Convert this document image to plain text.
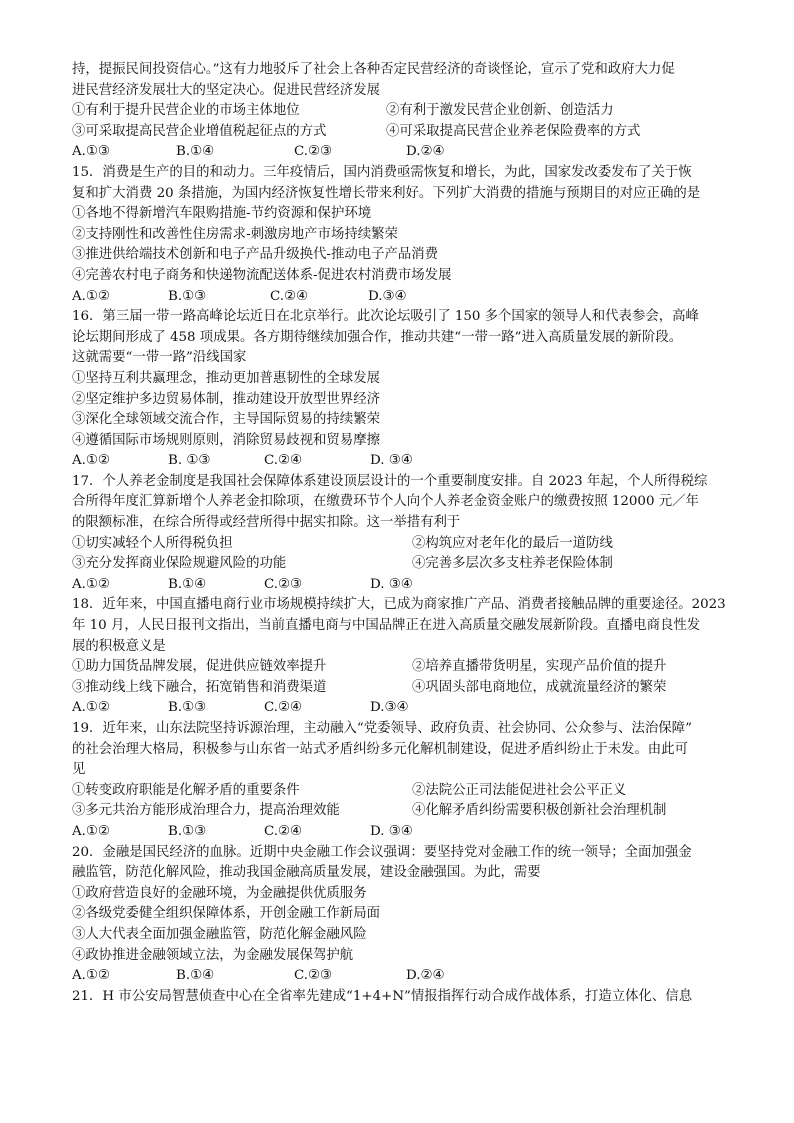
持，提振民间投资信心。”这有力地驳斥了社会上各种否定民营经济的奇谈怪论，宣示了党和政府大力促
进民营经济发展壮大的坚定决心。促进民营经济发展
①有利于提升民营企业的市场主体地位	②有利于激发民营企业创新、创造活力
③可采取提高民营企业增值税起征点的方式	④可采取提高民营企业养老保险费率的方式
A.①③	B.①④	C.②③	D.②④
15．消费是生产的目的和动力。三年疫情后，国内消费亟需恢复和增长，为此，国家发改委发布了关于恢
复和扩大消费 20 条措施，为国内经济恢复性增长带来利好。下列扩大消费的措施与预期目的对应正确的是
①各地不得新增汽车限购措施-节约资源和保护环境
②支持刚性和改善性住房需求-刺激房地产市场持续繁荣
③推进供给端技术创新和电子产品升级换代-推动电子产品消费
④完善农村电子商务和快递物流配送体系-促进农村消费市场发展
A.①②	B.①③	C.②④	D.③④
16．第三届一带一路高峰论坛近日在北京举行。此次论坛吸引了 150 多个国家的领导人和代表参会，高峰
论坛期间形成了 458 项成果。各方期待继续加强合作，推动共建“一带一路”进入高质量发展的新阶段。
这就需要“一带一路”沿线国家
①坚持互利共赢理念，推动更加普惠韧性的全球发展
②坚定维护多边贸易体制，推动建设开放型世界经济
③深化全球领域交流合作，主导国际贸易的持续繁荣
④遵循国际市场规则原则，消除贸易歧视和贸易摩擦
A.①②	B. ①③	C.②④	D. ③④
17．个人养老金制度是我国社会保障体系建设顶层设计的一个重要制度安排。自 2023 年起，个人所得税综
合所得年度汇算新增个人养老金扣除项，在缴费环节个人向个人养老金资金账户的缴费按照 12000 元／年
的限额标准，在综合所得或经营所得中据实扣除。这一举措有利于
①切实减轻个人所得税负担	②构筑应对老年化的最后一道防线
③充分发挥商业保险规避风险的功能	④完善多层次多支柱养老保险体制
A.①②	B.①④	C.②③	D. ③④
18．近年来，中国直播电商行业市场规模持续扩大，已成为商家推广产品、消费者接触品牌的重要途径。2023
年 10 月，人民日报刊文指出，当前直播电商与中国品牌正在进入高质量交融发展新阶段。直播电商良性发
展的积极意义是
①助力国货品牌发展，促进供应链效率提升	②培养直播带货明星，实现产品价值的提升
③推动线上线下融合，拓宽销售和消费渠道	④巩固头部电商地位，成就流量经济的繁荣
A.①②	B.①③	C.②④	D.③④
19．近年来，山东法院坚持诉源治理，主动融入“党委领导、政府负责、社会协同、公众参与、法治保障”
的社会治理大格局，积极参与山东省一站式矛盾纠纷多元化解机制建设，促进矛盾纠纷止于未发。由此可
见
①转变政府职能是化解矛盾的重要条件	②法院公正司法能促进社会公平正义
③多元共治方能形成治理合力，提高治理效能	④化解矛盾纠纷需要积极创新社会治理机制
A.①②	B.①③	C.②④	D. ③④
20．金融是国民经济的血脉。近期中央金融工作会议强调：要坚持党对金融工作的统一领导；全面加强金
融监管，防范化解风险，推动我国金融高质量发展，建设金融强国。为此，需要
①政府营造良好的金融环境，为金融提供优质服务
②各级党委健全组织保障体系，开创金融工作新局面
③人大代表全面加强金融监管，防范化解金融风险
④政协推进金融领域立法，为金融发展保驾护航
A.①②	B.①④	C.②③	D.②④
21．H 市公安局智慧侦查中心在全省率先建成“1+4+N”情报指挥行动合成作战体系，打造立体化、信息
